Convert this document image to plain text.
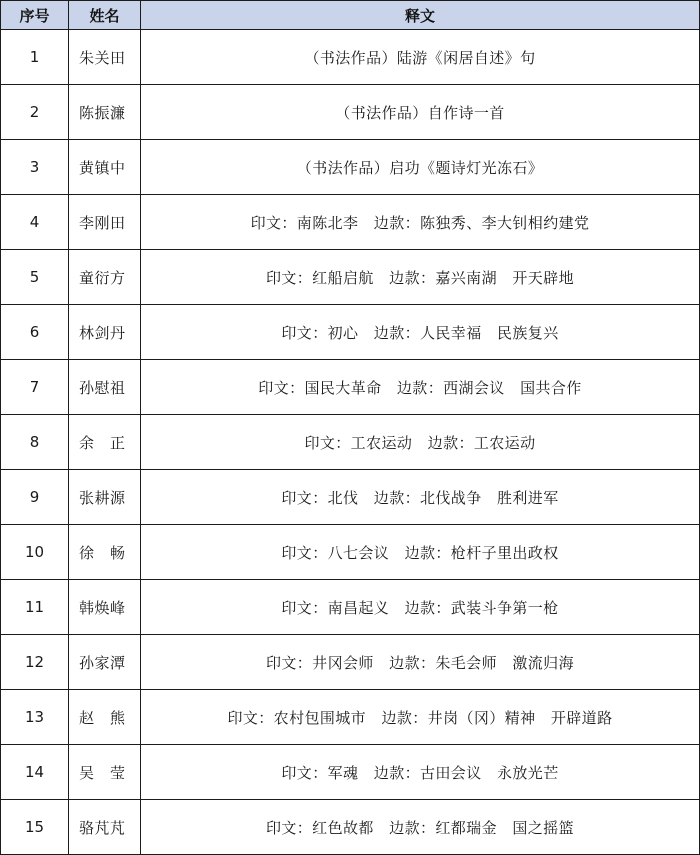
序号	姓名	释文
1	朱关田	（书法作品）陆游《闲居自述》句
2	陈振濂	（书法作品）自作诗一首
3	黄镇中	（书法作品）启功《题诗灯光冻石》
4	李刚田	印文：南陈北李　边款：陈独秀、李大钊相约建党
5	童衍方	印文：红船启航　边款：嘉兴南湖　开天辟地
6	林剑丹	印文：初心　边款：人民幸福　民族复兴
7	孙慰祖	印文：国民大革命　边款：西湖会议　国共合作
8	余　正	印文：工农运动　边款：工农运动
9	张耕源	印文：北伐　边款：北伐战争　胜利进军
10	徐　畅	印文：八七会议　边款：枪杆子里出政权
11	韩焕峰	印文：南昌起义　边款：武装斗争第一枪
12	孙家潭	印文：井冈会师　边款：朱毛会师　激流归海
13	赵　熊	印文：农村包围城市　边款：井岗（冈）精神　开辟道路
14	吴　莹	印文：军魂　边款：古田会议　永放光芒
15	骆芃芃	印文：红色故都　边款：红都瑞金　国之摇篮
